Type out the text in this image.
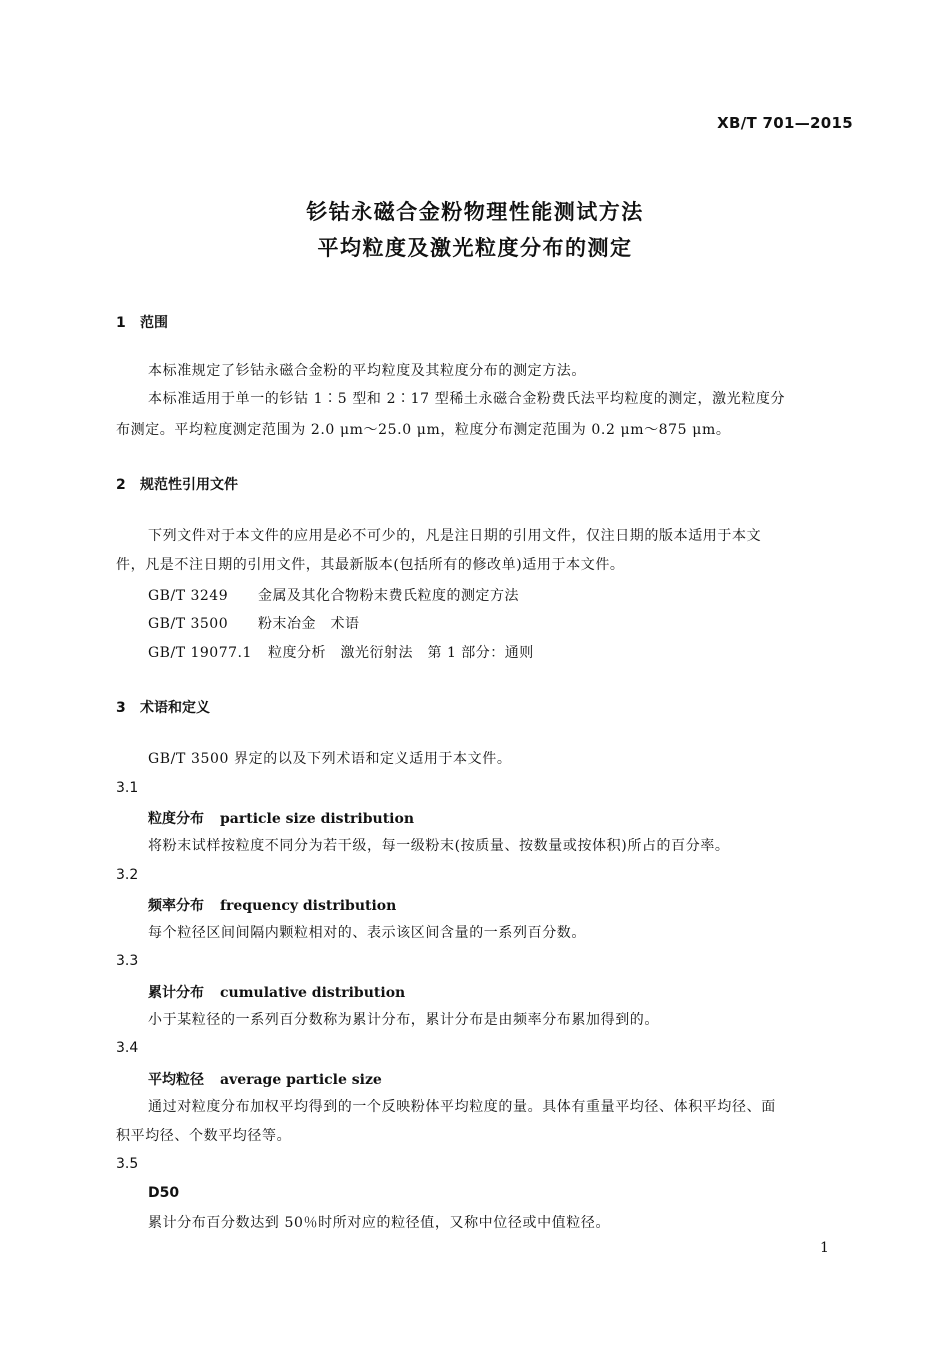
XB/T 701—2015
钐钴永磁合金粉物理性能测试方法
平均粒度及激光粒度分布的测定
1 范围
本标准规定了钐钴永磁合金粉的平均粒度及其粒度分布的测定方法。
本标准适用于单一的钐钴 1∶5 型和 2∶17 型稀土永磁合金粉费氏法平均粒度的测定，激光粒度分
布测定。平均粒度测定范围为 2.0 μm～25.0 μm，粒度分布测定范围为 0.2 μm～875 μm。
2 规范性引用文件
下列文件对于本文件的应用是必不可少的，凡是注日期的引用文件，仅注日期的版本适用于本文
件，凡是不注日期的引用文件，其最新版本(包括所有的修改单)适用于本文件。
GB/T 3249 金属及其化合物粉末费氏粒度的测定方法
GB/T 3500 粉末冶金　术语
GB/T 19077.1 粒度分析　激光衍射法　第 1 部分：通则
3 术语和定义
GB/T 3500 界定的以及下列术语和定义适用于本文件。
3.1
粒度分布 particle size distribution
将粉末试样按粒度不同分为若干级，每一级粉末(按质量、按数量或按体积)所占的百分率。
3.2
频率分布 frequency distribution
每个粒径区间间隔内颗粒相对的、表示该区间含量的一系列百分数。
3.3
累计分布 cumulative distribution
小于某粒径的一系列百分数称为累计分布，累计分布是由频率分布累加得到的。
3.4
平均粒径 average particle size
通过对粒度分布加权平均得到的一个反映粉体平均粒度的量。具体有重量平均径、体积平均径、面
积平均径、个数平均径等。
3.5
D50
累计分布百分数达到 50％时所对应的粒径值，又称中位径或中值粒径。
1
